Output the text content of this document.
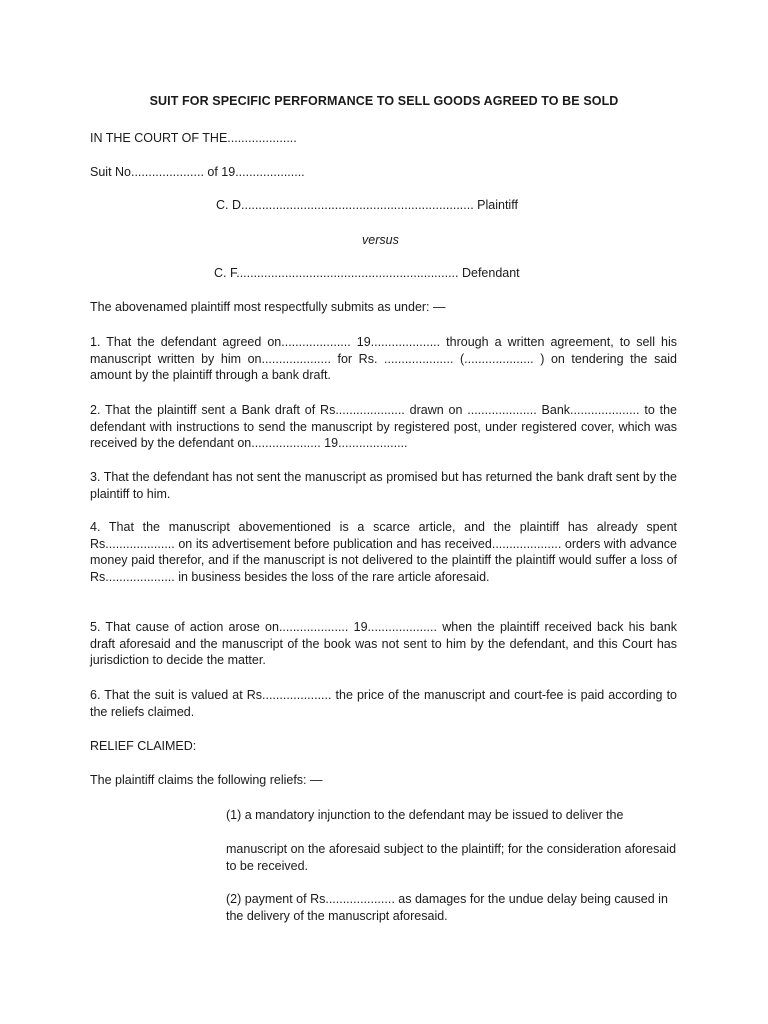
SUIT FOR SPECIFIC PERFORMANCE TO SELL GOODS AGREED TO BE SOLD
IN THE COURT OF THE....................
Suit No..................... of 19....................
C. D................................................................... Plaintiff
versus
C. F................................................................ Defendant
The abovenamed plaintiff most respectfully submits as under: —
1. That the defendant agreed on.................... 19.................... through a written agreement, to sell his manuscript written by him on.................... for Rs. .................... (.................... ) on tendering the said amount by the plaintiff through a bank draft.
2. That the plaintiff sent a Bank draft of Rs.................... drawn on .................... Bank.................... to the defendant with instructions to send the manuscript by registered post, under registered cover, which was received by the defendant on.................... 19....................
3. That the defendant has not sent the manuscript as promised but has returned the bank draft sent by the plaintiff to him.
4. That the manuscript abovementioned is a scarce article, and the plaintiff has already spent Rs.................... on its advertisement before publication and has received.................... orders with advance money paid therefor, and if the manuscript is not delivered to the plaintiff the plaintiff would suffer a loss of Rs.................... in business besides the loss of the rare article aforesaid.
5. That cause of action arose on.................... 19.................... when the plaintiff received back his bank draft aforesaid and the manuscript of the book was not sent to him by the defendant, and this Court has jurisdiction to decide the matter.
6. That the suit is valued at Rs.................... the price of the manuscript and court-fee is paid according to the reliefs claimed.
RELIEF CLAIMED:
The plaintiff claims the following reliefs: —
(1) a mandatory injunction to the defendant may be issued to deliver the
manuscript on the aforesaid subject to the plaintiff; for the consideration aforesaid to be received.
(2) payment of Rs.................... as damages for the undue delay being caused in the delivery of the manuscript aforesaid.
